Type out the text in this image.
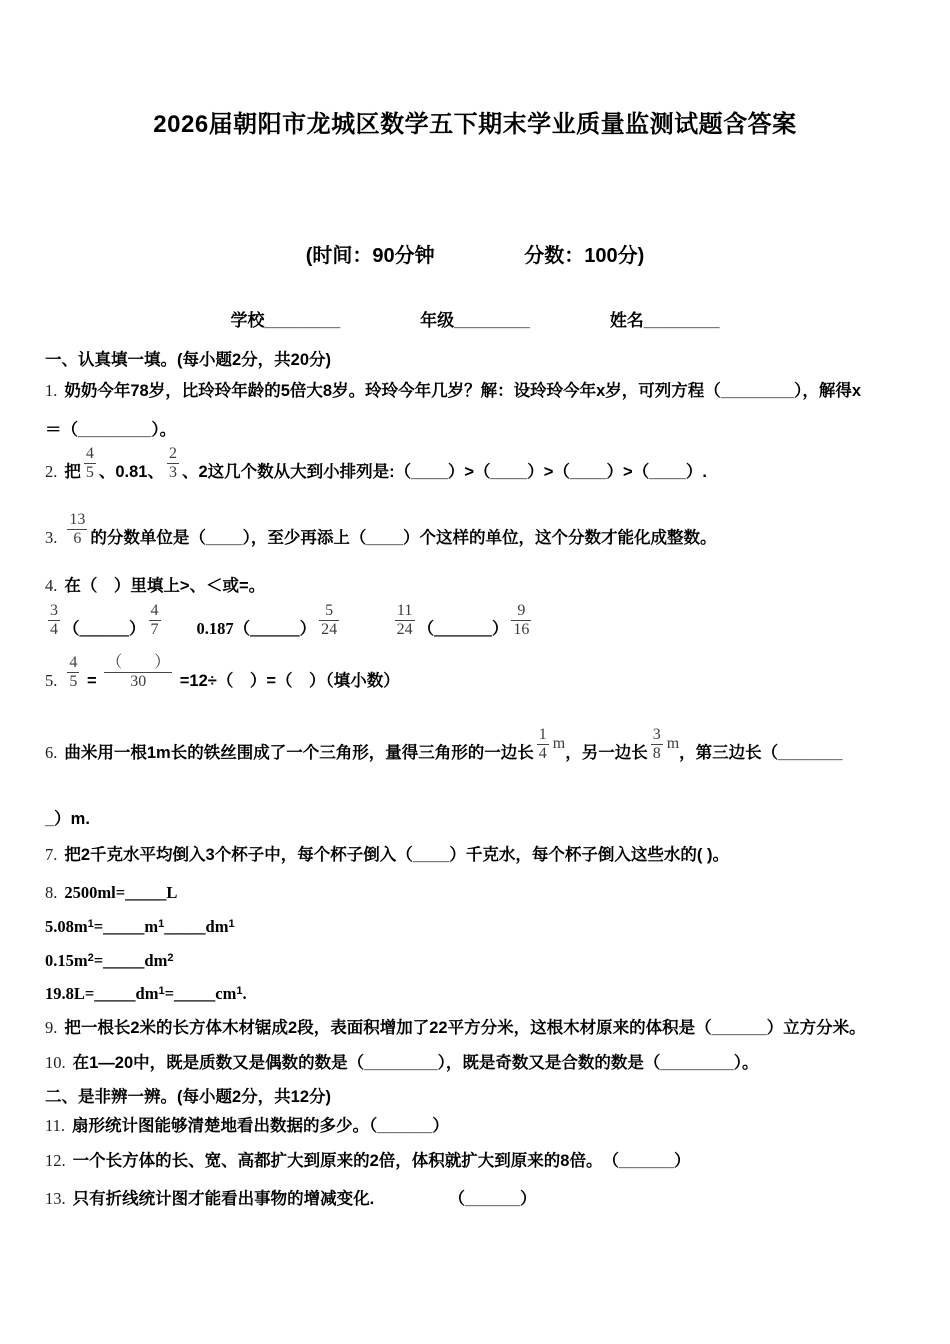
2026届朝阳市龙城区数学五下期末学业质量监测试题含答案
(时间：90分钟	分数：100分)
学校________	年级________	姓名________
一、认真填一填。(每小题2分，共20分)
1. 奶奶今年78岁，比玲玲年龄的5倍大8岁。玲玲今年几岁？解：设玲玲今年x岁，可列方程（________），解得x
＝（________）。
2. 把 $\frac{4}{5}$ 、0.81、 $\frac{2}{3}$ 、2这几个数从大到小排列是:（____）>（____）>（____）>（____）.
3. $\frac{13}{6}$ 的分数单位是（____），至少再添上（____）个这样的单位，这个分数才能化成整数。
4. 在（　）里填上>、＜或=。
$\frac{3}{4}$ （______） $\frac{4}{7}$ 　　0.187（______） $\frac{5}{24}$
　　　	$\frac{11}{24}$ （_______） $\frac{9}{16}$
5. $\frac{4}{5} = \frac{( )}{30} =12\div$（　）=（　）（填小数）
6. 曲米用一根1m长的铁丝围成了一个三角形，量得三角形的一边长 $\frac{1}{4}$ m，另一边长 $\frac{3}{8}$ m，第三边长（_______
_）m.
7. 把2千克水平均倒入3个杯子中，每个杯子倒入（____）千克水，每个杯子倒入这些水的( )。
8. 2500ml=_____L
$5.08m^1=\_\_\_\_\_m^1\_\_\_\_\_dm^1$
$0.15m^2=\_\_\_\_\_dm^2$
$19.8L=\_\_\_\_\_dm^1=\_\_\_\_\_cm^1$.
9. 把一根长2米的长方体木材锯成2段，表面积增加了22平方分米，这根木材原来的体积是（______）立方分米。
10. 在1—20中，既是质数又是偶数的数是（________），既是奇数又是合数的数是（________）。
二、是非辨一辨。(每小题2分，共12分)
11. 扇形统计图能够清楚地看出数据的多少。（______）
12. 一个长方体的长、宽、高都扩大到原来的2倍，体积就扩大到原来的8倍。　（______）
13. 只有折线统计图才能看出事物的增减变化.　　　　　（______）
